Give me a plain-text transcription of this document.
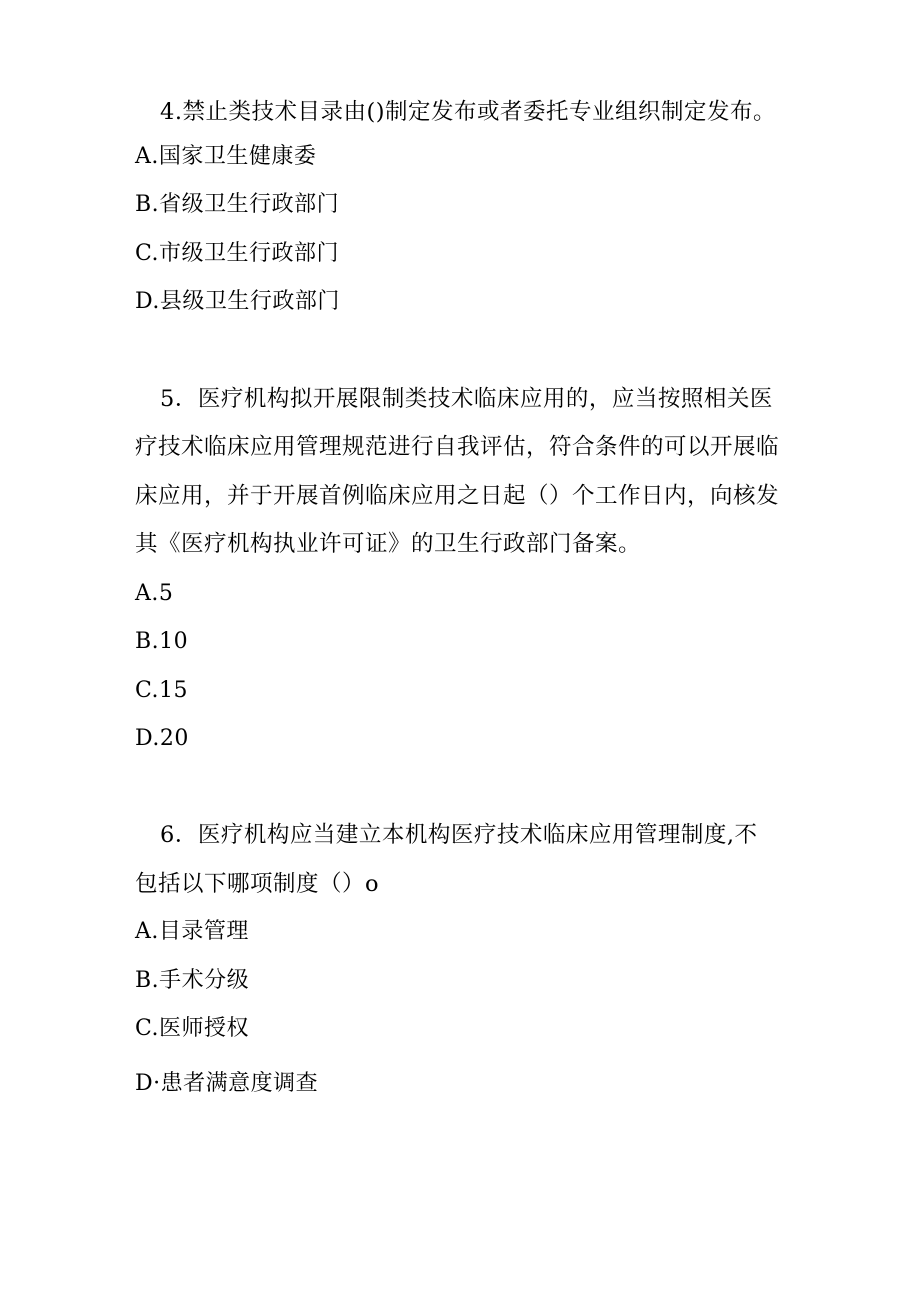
4.禁止类技术目录由()制定发布或者委托专业组织制定发布。
A.国家卫生健康委
B.省级卫生行政部门
C.市级卫生行政部门
D.县级卫生行政部门
5．医疗机构拟开展限制类技术临床应用的，应当按照相关医
疗技术临床应用管理规范进行自我评估，符合条件的可以开展临
床应用，并于开展首例临床应用之日起（）个工作日内，向核发
其《医疗机构执业许可证》的卫生行政部门备案。
A.5
B.10
C.15
D.20
6．医疗机构应当建立本机构医疗技术临床应用管理制度,不
包括以下哪项制度（）o
A.目录管理
B.手术分级
C.医师授权
D·患者满意度调查
